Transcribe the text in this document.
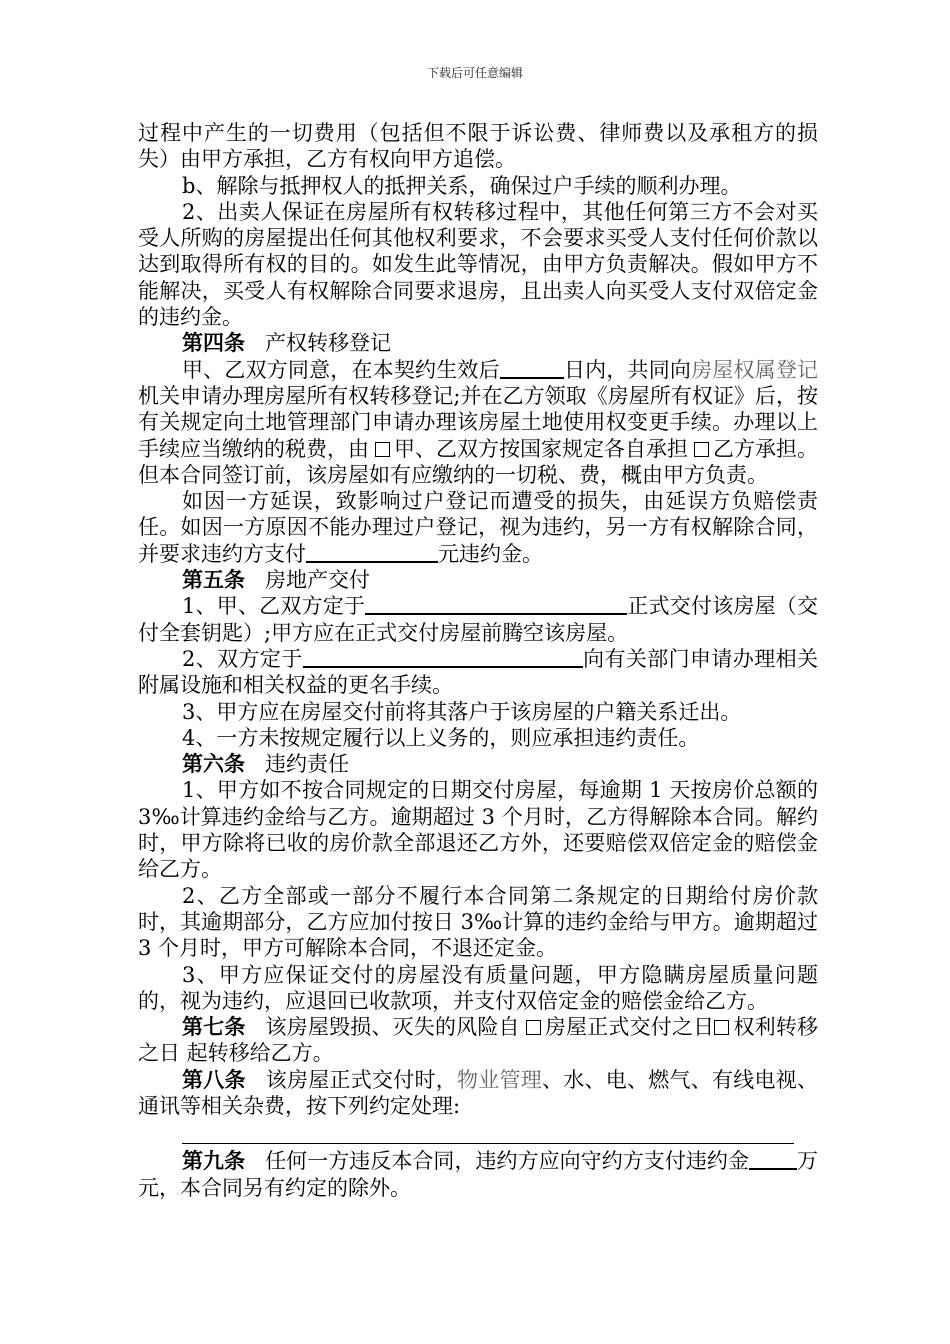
下载后可任意编辑

过程中产生的一切费用（包括但不限于诉讼费、律师费以及承租方的损失）由甲方承担，乙方有权向甲方追偿。

b、解除与抵押权人的抵押关系，确保过户手续的顺利办理。

2、出卖人保证在房屋所有权转移过程中，其他任何第三方不会对买受人所购的房屋提出任何其他权利要求，不会要求买受人支付任何价款以达到取得所有权的目的。如发生此等情况，由甲方负责解决。假如甲方不能解决，买受人有权解除合同要求退房，且出卖人向买受人支付双倍定金的违约金。

第四条 产权转移登记

甲、乙双方同意，在本契约生效后	日内，共同向房屋权属登记机关申请办理房屋所有权转移登记;并在乙方领取《房屋所有权证》后，按有关规定向土地管理部门申请办理该房屋土地使用权变更手续。办理以上手续应当缴纳的税费，由 甲、乙双方按国家规定各自承担 乙方承担。但本合同签订前，该房屋如有应缴纳的一切税、费，概由甲方负责。

如因一方延误，致影响过户登记而遭受的损失，由延误方负赔偿责任。如因一方原因不能办理过户登记，视为违约，另一方有权解除合同，并要求违约方支付	元违约金。

第五条 房地产交付

1、甲、乙双方定于	正式交付该房屋（交付全套钥匙）;甲方应在正式交付房屋前腾空该房屋。

2、双方定于	向有关部门申请办理相关附属设施和相关权益的更名手续。

3、甲方应在房屋交付前将其落户于该房屋的户籍关系迁出。

4、一方未按规定履行以上义务的，则应承担违约责任。

第六条 违约责任

1、甲方如不按合同规定的日期交付房屋，每逾期 1 天按房价总额的 3‰计算违约金给与乙方。逾期超过 3 个月时，乙方得解除本合同。解约时，甲方除将已收的房价款全部退还乙方外，还要赔偿双倍定金的赔偿金给乙方。

2、乙方全部或一部分不履行本合同第二条规定的日期给付房价款时，其逾期部分，乙方应加付按日 3‰计算的违约金给与甲方。逾期超过 3 个月时，甲方可解除本合同，不退还定金。

3、甲方应保证交付的房屋没有质量问题，甲方隐瞒房屋质量问题的，视为违约，应退回已收款项，并支付双倍定金的赔偿金给乙方。

第七条 该房屋毁损、灭失的风险自 房屋正式交付之日 权利转移之日 起转移给乙方。

第八条 该房屋正式交付时，物业管理、水、电、燃气、有线电视、通讯等相关杂费，按下列约定处理:

第九条 任何一方违反本合同，违约方应向守约方支付违约金 万元，本合同另有约定的除外。
